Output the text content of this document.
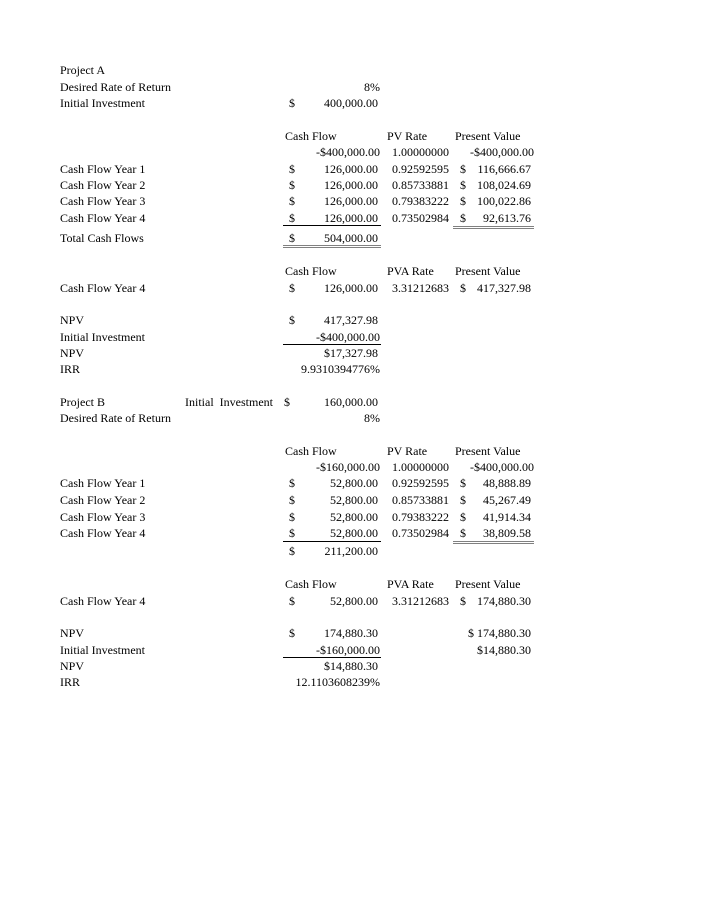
Project A
Desired Rate of Return	8%
Initial Investment	$	400,000.00
Cash Flow	PV Rate Present Value
-$400,000.00 1.00000000	-$400,000.00
Cash Flow Year 1	$	126,000.00 0.92592595 $ 116,666.67
Cash Flow Year 2	$	126,000.00 0.85733881 $ 108,024.69
Cash Flow Year 3	$	126,000.00 0.79383222 $ 100,022.86
Cash Flow Year 4	$	126,000.00 0.73502984 $	92,613.76
Total Cash Flows	$	504,000.00
Cash Flow	PVA Rate Present Value
Cash Flow Year 4	$	126,000.00 3.31212683 $ 417,327.98
NPV	$	417,327.98
Initial Investment	-$400,000.00
NPV	$17,327.98
IRR	9.9310394776%
Project B	Initial  Investment $	160,000.00
Desired Rate of Return	8%
Cash Flow	PV Rate Present Value
-$160,000.00 1.00000000	-$400,000.00
Cash Flow Year 1	$	52,800.00 0.92592595 $	48,888.89
Cash Flow Year 2	$	52,800.00 0.85733881 $	45,267.49
Cash Flow Year 3	$	52,800.00 0.79383222 $	41,914.34
Cash Flow Year 4	$	52,800.00 0.73502984 $	38,809.58
$	211,200.00
Cash Flow	PVA Rate Present Value
Cash Flow Year 4	$	52,800.00 3.31212683 $ 174,880.30
NPV	$	174,880.30	$ 174,880.30
Initial Investment	-$160,000.00	$14,880.30
NPV	$14,880.30
IRR	12.1103608239%
